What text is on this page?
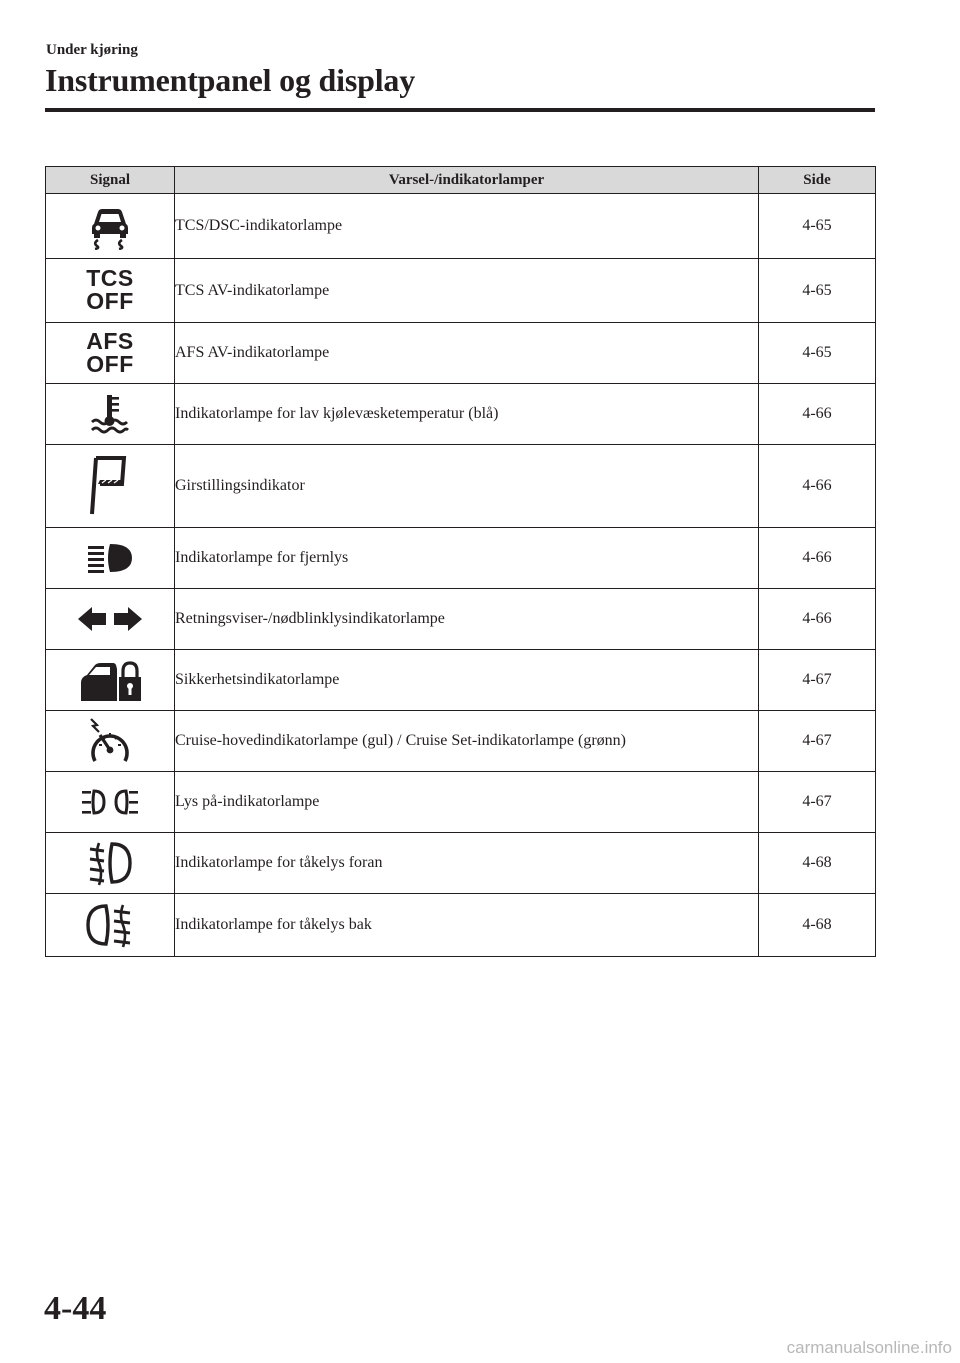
Under kjøring
Instrumentpanel og display
Signal	Varsel-/indikatorlamper	Side
	TCS/DSC-indikatorlampe	4-65
TCS
OFF	TCS AV-indikatorlampe	4-65
AFS
OFF	AFS AV-indikatorlampe	4-65
	Indikatorlampe for lav kjølevæsketemperatur (blå)	4-66
	Girstillingsindikator	4-66
	Indikatorlampe for fjernlys	4-66
	Retningsviser-/nødblinklysindikatorlampe	4-66
	Sikkerhetsindikatorlampe	4-67
	Cruise-hovedindikatorlampe (gul) / Cruise Set-indikatorlampe (grønn)	4-67
	Lys på-indikatorlampe	4-67
	Indikatorlampe for tåkelys foran	4-68
	Indikatorlampe for tåkelys bak	4-68
4-44
carmanualsonline.info
